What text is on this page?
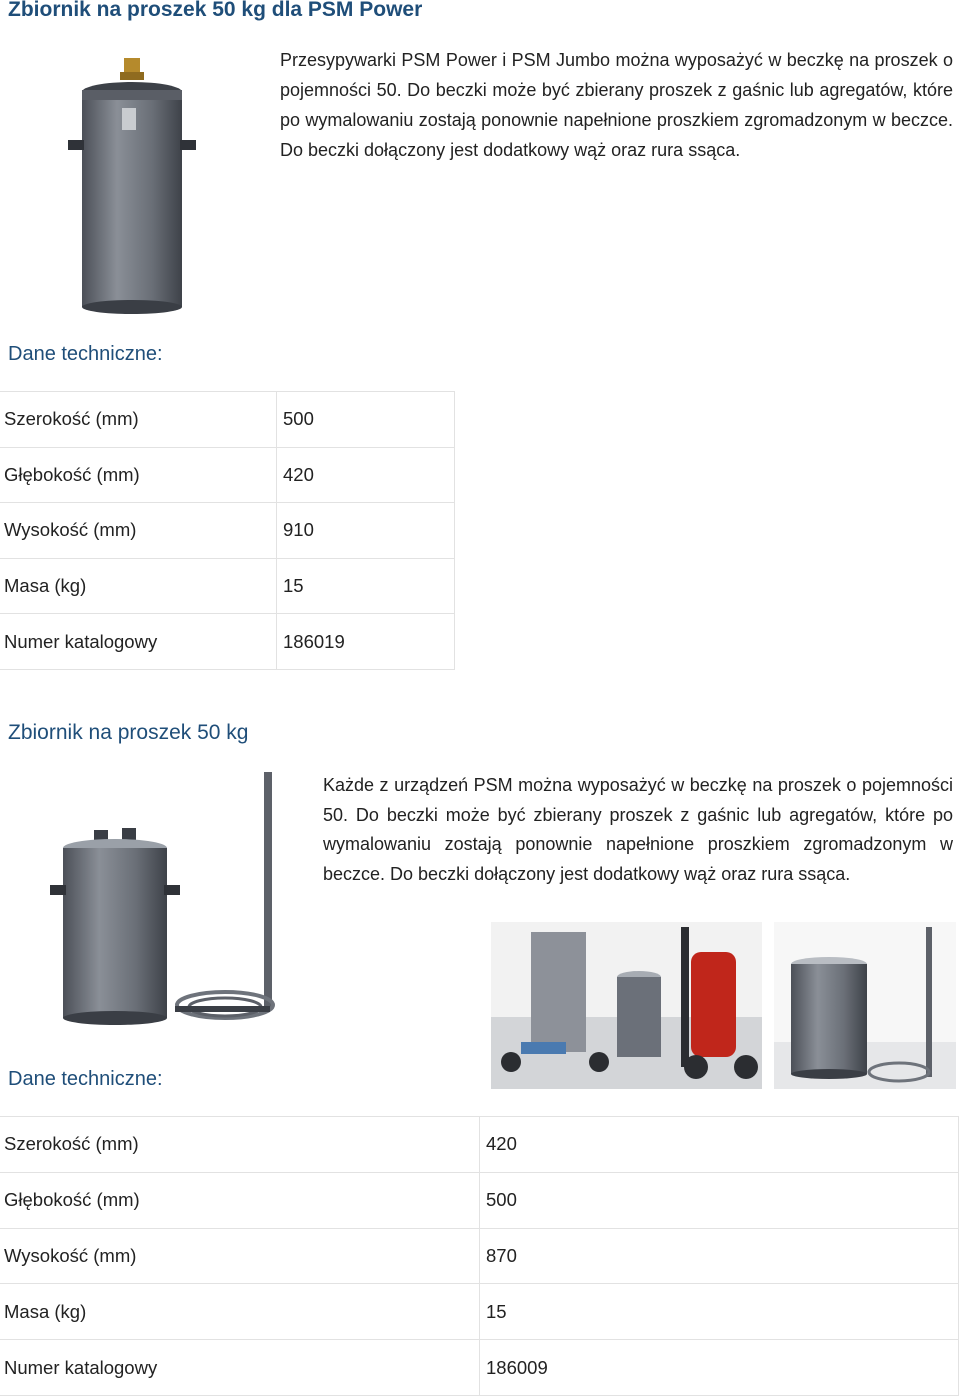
Zbiornik na proszek 50 kg dla PSM Power
Przesypywarki PSM Power i PSM Jumbo można wyposażyć w beczkę na proszek o pojemności 50. Do beczki może być zbierany proszek z gaśnic lub agregatów, które po wymalowaniu zostają ponownie napełnione proszkiem zgromadzonym w beczce. Do beczki dołączony jest dodatkowy wąż oraz rura ssąca.
Dane techniczne:
Szerokość (mm)	500
Głębokość (mm)	420
Wysokość (mm)	910
Masa (kg)	15
Numer katalogowy	186019
Zbiornik na proszek 50 kg
Każde z urządzeń PSM można wyposażyć w beczkę na proszek o pojemności 50. Do beczki może być zbierany proszek z gaśnic lub agregatów, które po wymalowaniu zostają ponownie napełnione proszkiem zgromadzonym w beczce. Do beczki dołączony jest dodatkowy wąż oraz rura ssąca.
Dane techniczne:
Szerokość (mm)	420
Głębokość (mm)	500
Wysokość (mm)	870
Masa (kg)	15
Numer katalogowy	186009
